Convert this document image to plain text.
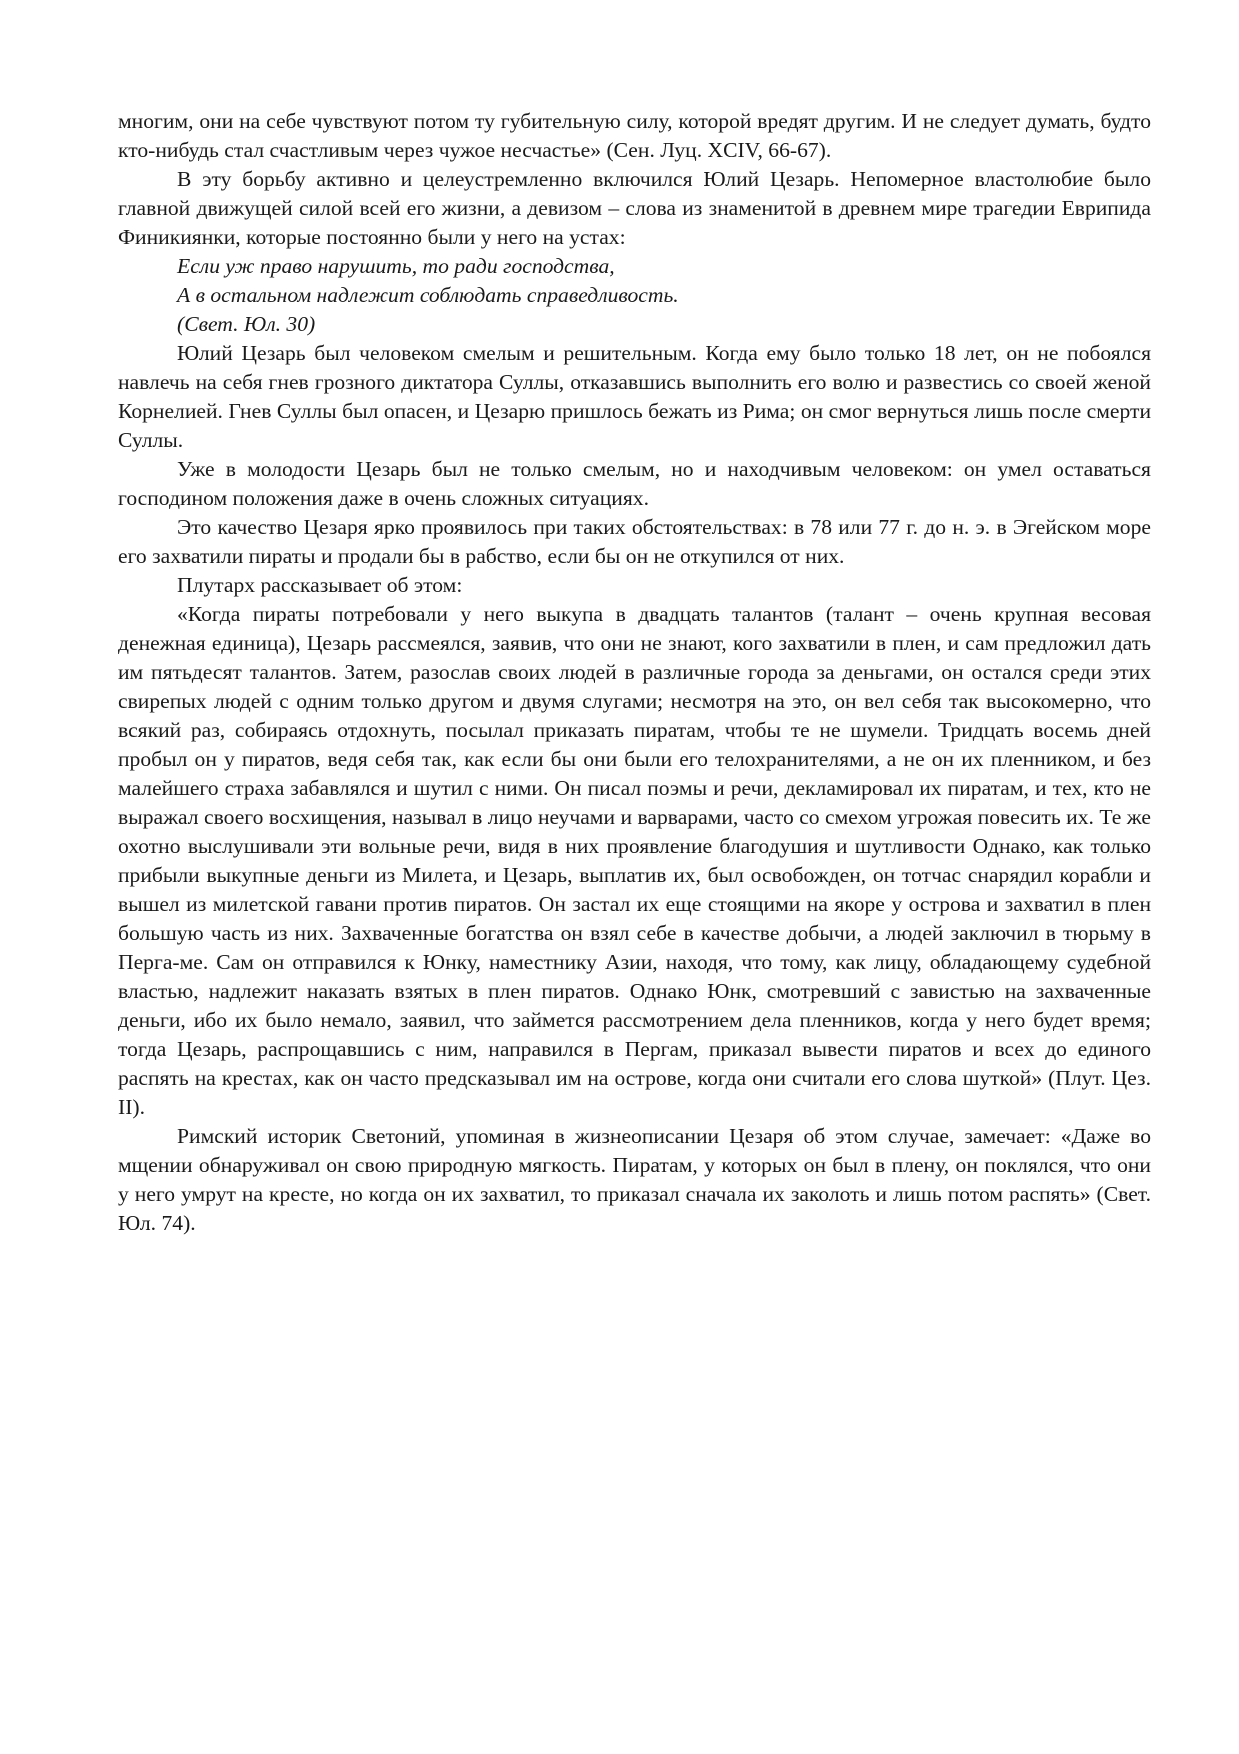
многим, они на себе чувствуют потом ту губительную силу, которой вредят другим. И не следует думать, будто кто-нибудь стал счастливым через чужое несчастье» (Сен. Луц. XCIV, 66-67).

В эту борьбу активно и целеустремленно включился Юлий Цезарь. Непомерное властолюбие было главной движущей силой всей его жизни, а девизом – слова из знаменитой в древнем мире трагедии Еврипида Финикиянки, которые постоянно были у него на устах:

Если уж право нарушить, то ради господства,

А в остальном надлежит соблюдать справедливость.

(Свет. Юл. 30)

Юлий Цезарь был человеком смелым и решительным. Когда ему было только 18 лет, он не побоялся навлечь на себя гнев грозного диктатора Суллы, отказавшись выполнить его волю и развестись со своей женой Корнелией. Гнев Суллы был опасен, и Цезарю пришлось бежать из Рима; он смог вернуться лишь после смерти Суллы.

Уже в молодости Цезарь был не только смелым, но и находчивым человеком: он умел оставаться господином положения даже в очень сложных ситуациях.

Это качество Цезаря ярко проявилось при таких обстоятельствах: в 78 или 77 г. до н. э. в Эгейском море его захватили пираты и продали бы в рабство, если бы он не откупился от них.

Плутарх рассказывает об этом:

«Когда пираты потребовали у него выкупа в двадцать талантов (талант – очень крупная весовая денежная единица), Цезарь рассмеялся, заявив, что они не знают, кого захватили в плен, и сам предложил дать им пятьдесят талантов. Затем, разослав своих людей в различные города за деньгами, он остался среди этих свирепых людей с одним только другом и двумя слугами; несмотря на это, он вел себя так высокомерно, что всякий раз, собираясь отдохнуть, посылал приказать пиратам, чтобы те не шумели. Тридцать восемь дней пробыл он у пиратов, ведя себя так, как если бы они были его телохранителями, а не он их пленником, и без малейшего страха забавлялся и шутил с ними. Он писал поэмы и речи, декламировал их пиратам, и тех, кто не выражал своего восхищения, называл в лицо неучами и варварами, часто со смехом угрожая повесить их. Те же охотно выслушивали эти вольные речи, видя в них проявление благодушия и шутливости Однако, как только прибыли выкупные деньги из Милета, и Цезарь, выплатив их, был освобожден, он тотчас снарядил корабли и вышел из милетской гавани против пиратов. Он застал их еще стоящими на якоре у острова и захватил в плен большую часть из них. Захваченные богатства он взял себе в качестве добычи, а людей заключил в тюрьму в Перга-ме. Сам он отправился к Юнку, наместнику Азии, находя, что тому, как лицу, обладающему судебной властью, надлежит наказать взятых в плен пиратов. Однако Юнк, смотревший с завистью на захваченные деньги, ибо их было немало, заявил, что займется рассмотрением дела пленников, когда у него будет время; тогда Цезарь, распрощавшись с ним, направился в Пергам, приказал вывести пиратов и всех до единого распять на крестах, как он часто предсказывал им на острове, когда они считали его слова шуткой» (Плут. Цез. II).

Римский историк Светоний, упоминая в жизнеописании Цезаря об этом случае, замечает: «Даже во мщении обнаруживал он свою природную мягкость. Пиратам, у которых он был в плену, он поклялся, что они у него умрут на кресте, но когда он их захватил, то приказал сначала их заколоть и лишь потом распять» (Свет. Юл. 74).
